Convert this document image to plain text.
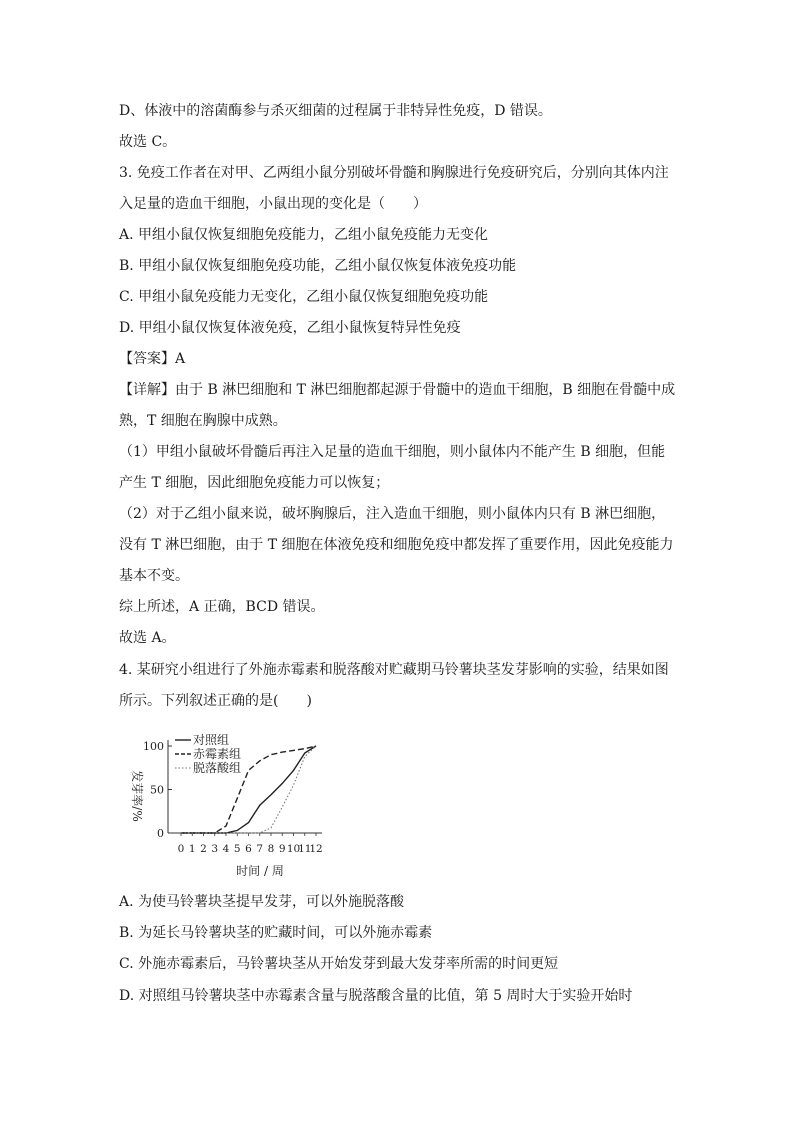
D、体液中的溶菌酶参与杀灭细菌的过程属于非特异性免疫，D 错误。
故选 C。
3. 免疫工作者在对甲、乙两组小鼠分别破坏骨髓和胸腺进行免疫研究后，分别向其体内注
入足量的造血干细胞，小鼠出现的变化是（　　）
A. 甲组小鼠仅恢复细胞免疫能力，乙组小鼠免疫能力无变化
B. 甲组小鼠仅恢复细胞免疫功能，乙组小鼠仅恢复体液免疫功能
C. 甲组小鼠免疫能力无变化，乙组小鼠仅恢复细胞免疫功能
D. 甲组小鼠仅恢复体液免疫，乙组小鼠恢复特异性免疫
【答案】A
【详解】由于 B 淋巴细胞和 T 淋巴细胞都起源于骨髓中的造血干细胞，B 细胞在骨髓中成
熟，T 细胞在胸腺中成熟。
（1）甲组小鼠破坏骨髓后再注入足量的造血干细胞，则小鼠体内不能产生 B 细胞，但能
产生 T 细胞，因此细胞免疫能力可以恢复；
（2）对于乙组小鼠来说，破坏胸腺后，注入造血干细胞，则小鼠体内只有 B 淋巴细胞，
没有 T 淋巴细胞，由于 T 细胞在体液免疫和细胞免疫中都发挥了重要作用，因此免疫能力
基本不变。
综上所述，A 正确，BCD 错误。
故选 A。
4. 某研究小组进行了外施赤霉素和脱落酸对贮藏期马铃薯块茎发芽影响的实验，结果如图
所示。下列叙述正确的是(　　)
发芽率/%
时间 / 周
0
50
100
0 1 2 3 4 5 6 7 8 9 10
11
12
对照组
赤霉素组
脱落酸组
A. 为使马铃薯块茎提早发芽，可以外施脱落酸
B. 为延长马铃薯块茎的贮藏时间，可以外施赤霉素
C. 外施赤霉素后，马铃薯块茎从开始发芽到最大发芽率所需的时间更短
D. 对照组马铃薯块茎中赤霉素含量与脱落酸含量的比值，第 5 周时大于实验开始时
